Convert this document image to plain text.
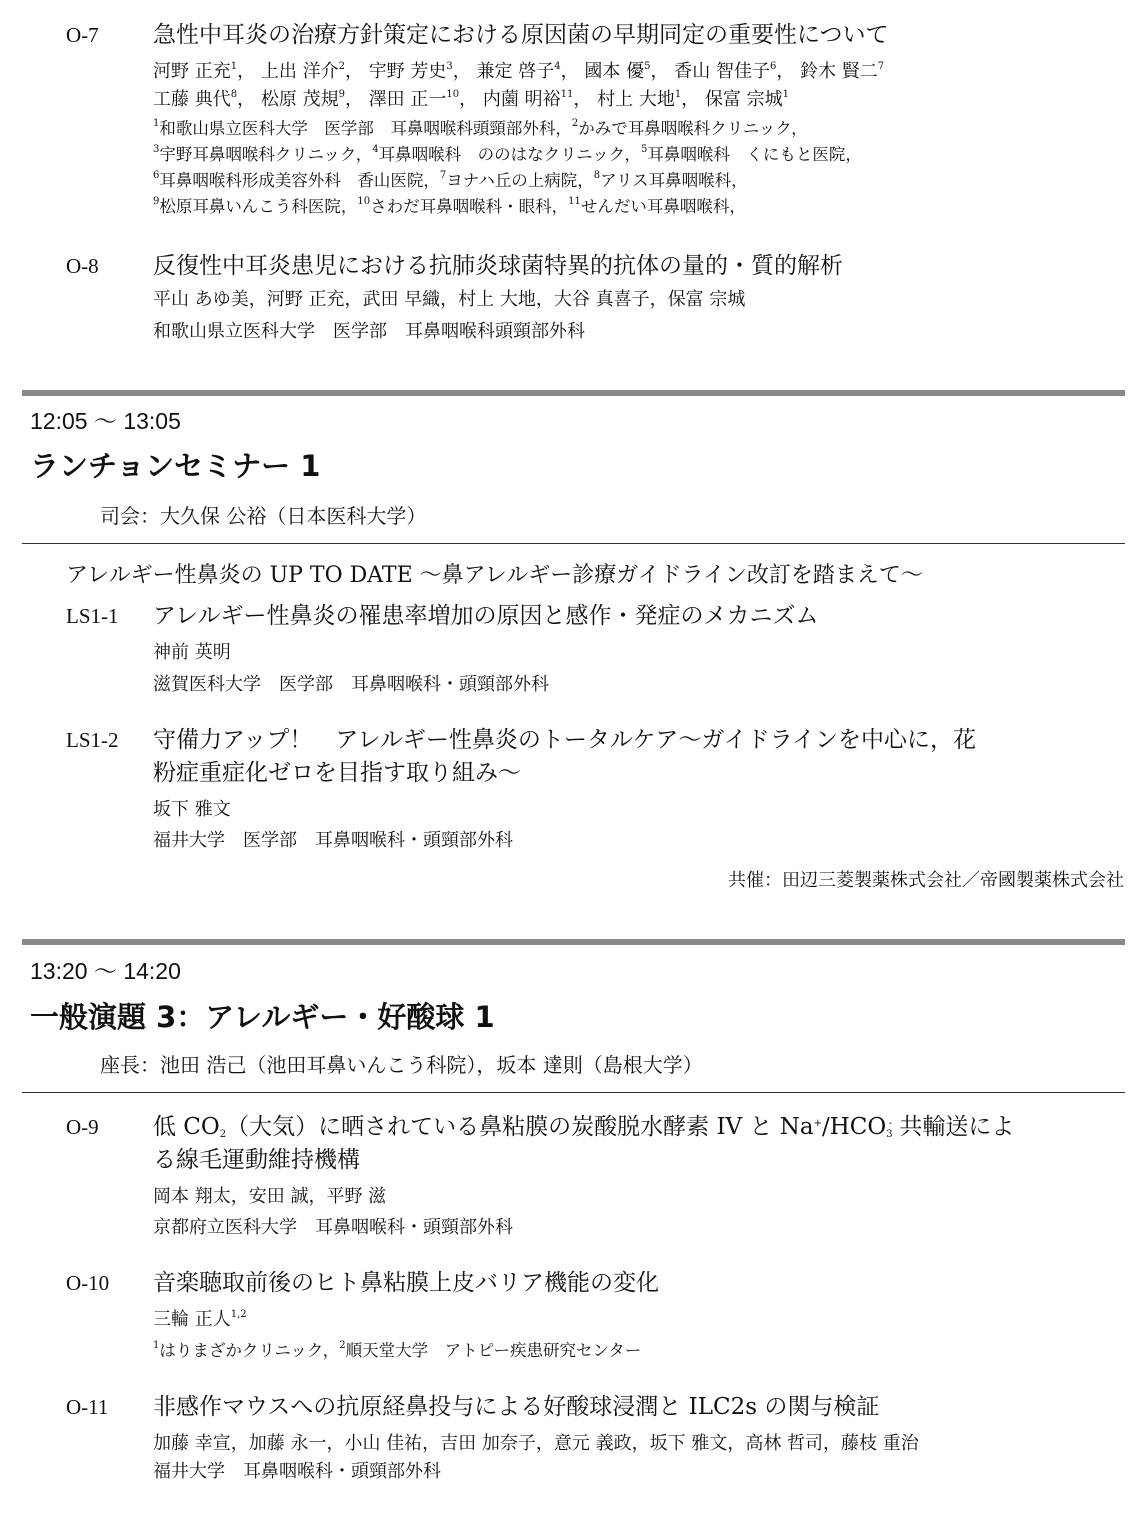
O-7 急性中耳炎の治療方針策定における原因菌の早期同定の重要性について
河野 正充$^1$， 上出 洋介$^2$， 宇野 芳史$^3$， 兼定 啓子$^4$， 國本 優$^5$， 香山 智佳子$^6$， 鈴木 賢二$^7$
工藤 典代$^8$， 松原 茂規$^9$， 澤田 正一$^{10}$， 内薗 明裕$^{11}$， 村上 大地$^1$， 保富 宗城$^1$
$^1$和歌山県立医科大学　医学部　耳鼻咽喉科頭頸部外科，$^2$かみで耳鼻咽喉科クリニック，
$^3$宇野耳鼻咽喉科クリニック，$^4$耳鼻咽喉科　ののはなクリニック，$^5$耳鼻咽喉科　くにもと医院，
$^6$耳鼻咽喉科形成美容外科　香山医院，$^7$ヨナハ丘の上病院，$^8$アリス耳鼻咽喉科，
$^9$松原耳鼻いんこう科医院，$^{10}$さわだ耳鼻咽喉科・眼科，$^{11}$せんだい耳鼻咽喉科，
O-8 反復性中耳炎患児における抗肺炎球菌特異的抗体の量的・質的解析
平山 あゆ美，河野 正充，武田 早織，村上 大地，大谷 真喜子，保富 宗城
和歌山県立医科大学　医学部　耳鼻咽喉科頭頸部外科
12:05 〜 13:05
ランチョンセミナー 1
司会：大久保 公裕（日本医科大学）
アレルギー性鼻炎の UP TO DATE 〜鼻アレルギー診療ガイドライン改訂を踏まえて〜
LS1-1 アレルギー性鼻炎の罹患率増加の原因と感作・発症のメカニズム
神前 英明
滋賀医科大学　医学部　耳鼻咽喉科・頭頸部外科
LS1-2 守備力アップ！　アレルギー性鼻炎のトータルケア〜ガイドラインを中心に，花
粉症重症化ゼロを目指す取り組み〜
坂下 雅文
福井大学　医学部　耳鼻咽喉科・頭頸部外科
共催：田辺三菱製薬株式会社／帝國製薬株式会社
13:20 〜 14:20
一般演題 3：アレルギー・好酸球 1
座長：池田 浩己（池田耳鼻いんこう科院），坂本 達則（島根大学）
O-9 低 $CO_2$（大気）に晒されている鼻粘膜の炭酸脱水酵素 IV と $Na^+/HCO_3^-$ 共輸送によ
る線毛運動維持機構
岡本 翔太，安田 誠，平野 滋
京都府立医科大学　耳鼻咽喉科・頭頸部外科
O-10 音楽聴取前後のヒト鼻粘膜上皮バリア機能の変化
三輪 正人$^{1,2}$
$^1$はりまざかクリニック，$^2$順天堂大学　アトピー疾患研究センター
O-11 非感作マウスへの抗原経鼻投与による好酸球浸潤と ILC2s の関与検証
加藤 幸宣，加藤 永一，小山 佳祐，吉田 加奈子，意元 義政，坂下 雅文，高林 哲司，藤枝 重治
福井大学　耳鼻咽喉科・頭頸部外科
